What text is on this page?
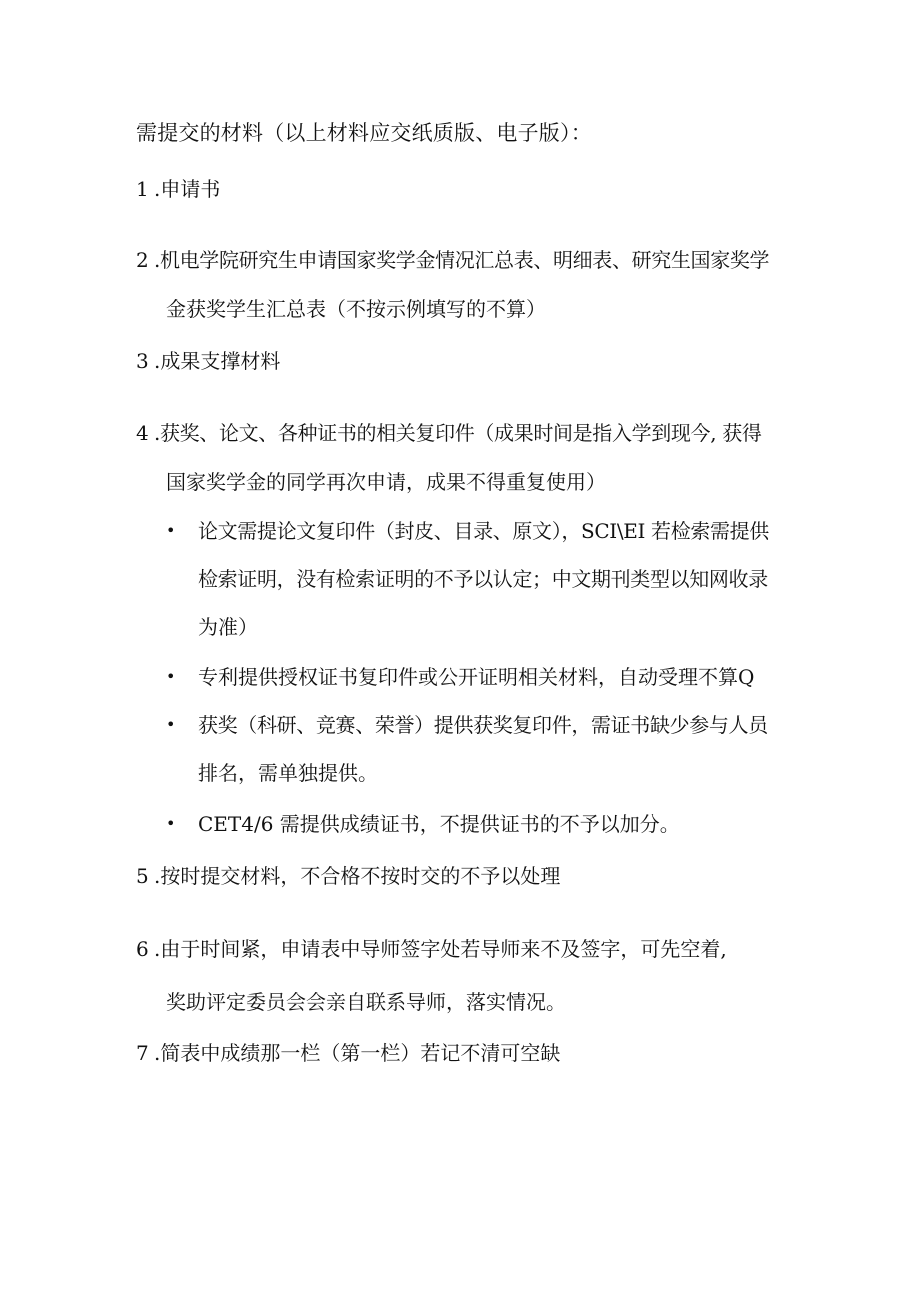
需提交的材料（以上材料应交纸质版、电子版）：
1 .申请书
2 .机电学院研究生申请国家奖学金情况汇总表、明细表、研究生国家奖学
金获奖学生汇总表（不按示例填写的不算）
3 .成果支撑材料
4 .获奖、论文、各种证书的相关复印件（成果时间是指入学到现今, 获得
国家奖学金的同学再次申请，成果不得重复使用）
• 论文需提论文复印件（封皮、目录、原文），SCI\EI 若检索需提供
检索证明，没有检索证明的不予以认定；中文期刊类型以知网收录
为准）
• 专利提供授权证书复印件或公开证明相关材料，自动受理不算Q
• 获奖（科研、竞赛、荣誉）提供获奖复印件，需证书缺少参与人员
排名，需单独提供。
• CET4/6 需提供成绩证书，不提供证书的不予以加分。
5 .按时提交材料，不合格不按时交的不予以处理
6 .由于时间紧，申请表中导师签字处若导师来不及签字，可先空着,
奖助评定委员会会亲自联系导师，落实情况。
7 .简表中成绩那一栏（第一栏）若记不清可空缺
